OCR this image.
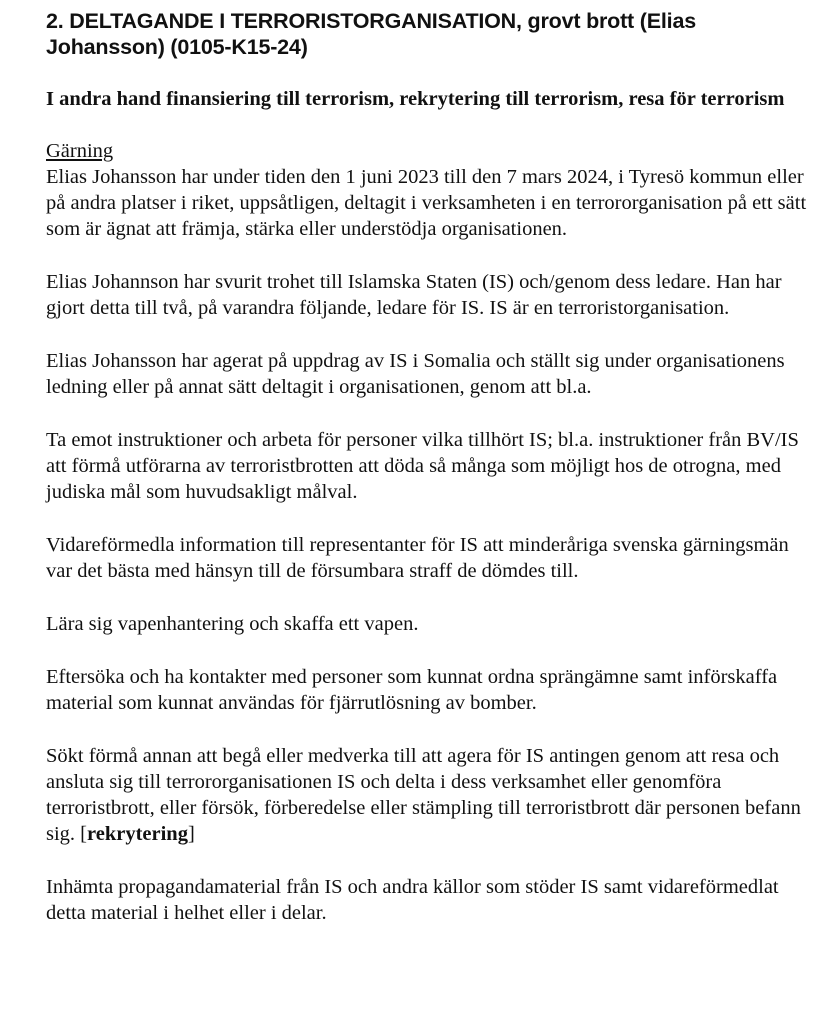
2. DELTAGANDE I TERRORISTORGANISATION, grovt brott (Elias Johansson) (0105-K15-24)
I andra hand finansiering till terrorism, rekrytering till terrorism, resa för terrorism
Gärning

Elias Johansson har under tiden den 1 juni 2023 till den 7 mars 2024, i Tyresö kommun eller på andra platser i riket, uppsåtligen, deltagit i verksamheten i en terrororganisation på ett sätt som är ägnat att främja, stärka eller understödja organisationen.

Elias Johannson har svurit trohet till Islamska Staten (IS) och/genom dess ledare. Han har gjort detta till två, på varandra följande, ledare för IS. IS är en terroristorganisation.

Elias Johansson har agerat på uppdrag av IS i Somalia och ställt sig under organisationens ledning eller på annat sätt deltagit i organisationen, genom att bl.a.

Ta emot instruktioner och arbeta för personer vilka tillhört IS; bl.a. instruktioner från BV/IS att förmå utförarna av terroristbrotten att döda så många som möjligt hos de otrogna, med judiska mål som huvudsakligt målval.

Vidareförmedla information till representanter för IS att minderåriga svenska gärningsmän var det bästa med hänsyn till de försumbara straff de dömdes till.

Lära sig vapenhantering och skaffa ett vapen.

Eftersöka och ha kontakter med personer som kunnat ordna sprängämne samt införskaffa material som kunnat användas för fjärrutlösning av bomber.

Sökt förmå annan att begå eller medverka till att agera för IS antingen genom att resa och ansluta sig till terrororganisationen IS och delta i dess verksamhet eller genomföra terroristbrott, eller försök, förberedelse eller stämpling till terroristbrott där personen befann sig. [rekrytering]

Inhämta propagandamaterial från IS och andra källor som stöder IS samt vidareförmedlat detta material i helhet eller i delar.
